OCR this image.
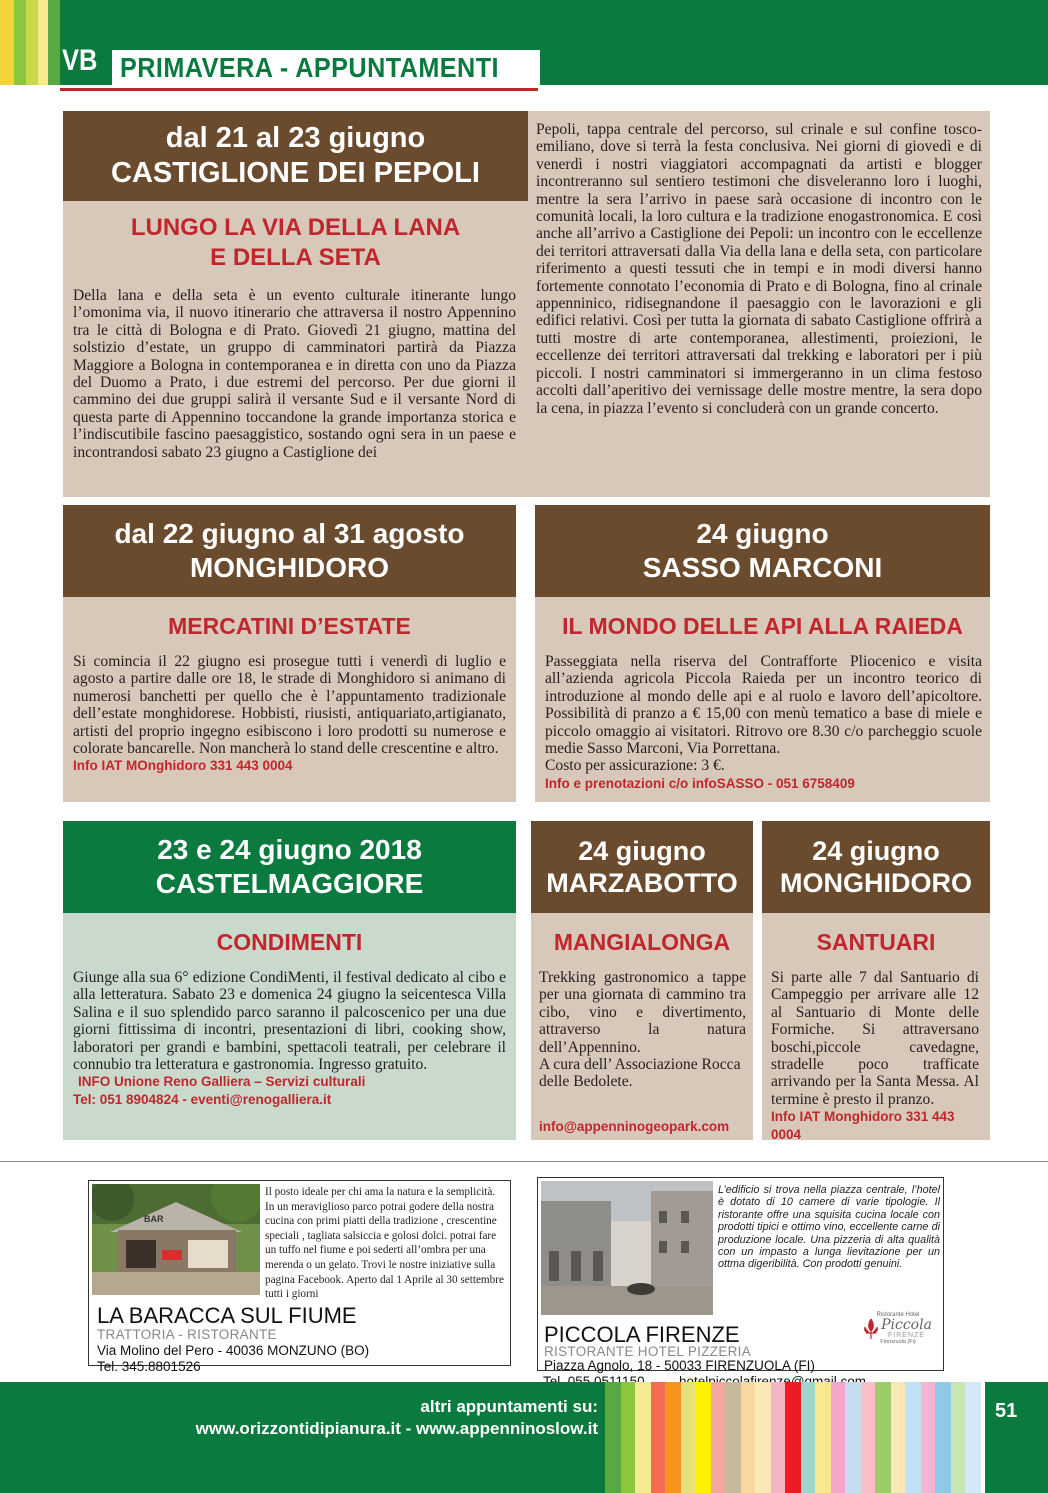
VB PRIMAVERA - APPUNTAMENTI
dal 21 al 23 giugno
CASTIGLIONE DEI PEPOLI
LUNGO LA VIA DELLA LANA
E DELLA SETA
Della lana e della seta è un evento culturale itinerante lungo l’omonima via, il nuovo itinerario che attraversa il nostro Appennino tra le città di Bologna e di Prato. Giovedì 21 giugno, mattina del solstizio d’estate, un gruppo di camminatori partirà da Piazza Maggiore a Bologna in contemporanea e in diretta con uno da Piazza del Duomo a Prato, i due estremi del percorso. Per due giorni il cammino dei due gruppi salirà il versante Sud e il versante Nord di questa parte di Appennino toccandone la grande importanza storica e l’indiscutibile fascino paesaggistico, sostando ogni sera in un paese e incontrandosi sabato 23 giugno a Castiglione dei
Pepoli, tappa centrale del percorso, sul crinale e sul confine tosco-emiliano, dove si terrà la festa conclusiva. Nei giorni di giovedì e di venerdì i nostri viaggiatori accompagnati da artisti e blogger incontreranno sul sentiero testimoni che disveleranno loro i luoghi, mentre la sera l’arrivo in paese sarà occasione di incontro con le comunità locali, la loro cultura e la tradizione enogastronomica. E così anche all’arrivo a Castiglione dei Pepoli: un incontro con le eccellenze dei territori attraversati dalla Via della lana e della seta, con particolare riferimento a questi tessuti che in tempi e in modi diversi hanno fortemente connotato l’economia di Prato e di Bologna, fino al crinale appenninico, ridisegnandone il paesaggio con le lavorazioni e gli edifici relativi. Così per tutta la giornata di sabato Castiglione offrirà a tutti mostre di arte contemporanea, allestimenti, proiezioni, le eccellenze dei territori attraversati dal trekking e laboratori per i più piccoli. I nostri camminatori si immergeranno in un clima festoso accolti dall’aperitivo dei vernissage delle mostre mentre, la sera dopo la cena, in piazza l’evento si concluderà con un grande concerto.
dal 22 giugno al 31 agosto
MONGHIDORO
MERCATINI D’ESTATE
Si comincia il 22 giugno esi prosegue tutti i venerdì di luglio e agosto a partire dalle ore 18, le strade di Monghidoro si animano di numerosi banchetti per quello che è l’appuntamento tradizionale dell’estate monghidorese. Hobbisti, riusisti, antiquariato,artigianato, artisti del proprio ingegno esibiscono i loro prodotti su numerose e colorate bancarelle. Non mancherà lo stand delle crescentine e altro.
Info IAT MOnghidoro 331 443 0004
24 giugno
SASSO MARCONI
IL MONDO DELLE API ALLA RAIEDA
Passeggiata nella riserva del Contrafforte Pliocenico e visita all’azienda agricola Piccola Raieda per un incontro teorico di introduzione al mondo delle api e al ruolo e lavoro dell’apicoltore. Possibilità di pranzo a € 15,00 con menù tematico a base di miele e piccolo omaggio ai visitatori. Ritrovo ore 8.30 c/o parcheggio scuole medie Sasso Marconi, Via Porrettana.
Costo per assicurazione: 3 €.
Info e prenotazioni c/o infoSASSO - 051 6758409
23 e 24 giugno 2018
CASTELMAGGIORE
CONDIMENTI
Giunge alla sua 6° edizione CondiMenti, il festival dedicato al cibo e alla letteratura. Sabato 23 e domenica 24 giugno la seicentesca Villa Salina e il suo splendido parco saranno il palcoscenico per una due giorni fittissima di incontri, presentazioni di libri, cooking show, laboratori per grandi e bambini, spettacoli teatrali, per celebrare il connubio tra letteratura e gastronomia. Ingresso gratuito.
INFO Unione Reno Galliera – Servizi culturali
Tel: 051 8904824 - eventi@renogalliera.it
24 giugno
MARZABOTTO
MANGIALONGA
Trekking gastronomico a tappe per una giornata di cammino tra cibo, vino e divertimento, attraverso la natura dell’Appennino.
A cura dell’ Associazione Rocca delle Bedolete.
info@appenninogeopark.com
24 giugno
MONGHIDORO
SANTUARI
Si parte alle 7 dal Santuario di Campeggio per arrivare alle 12 al Santuario di Monte delle Formiche. Si attraversano boschi,piccole cavedagne, stradelle poco trafficate arrivando per la Santa Messa. Al termine è presto il pranzo.
Info IAT Monghidoro 331 443 0004
BAR
Il posto ideale per chi ama la natura e la semplicità. In un meraviglioso parco potrai godere della nostra cucina con primi piatti della tradizione , crescentine speciali , tagliata salsiccia e golosi dolci. potrai fare un tuffo nel fiume e poi sederti all’ombra per una merenda o un gelato. Trovi le nostre iniziative sulla pagina Facebook. Aperto dal 1 Aprile al 30 settembre tutti i giorni
LA BARACCA SUL FIUME
TRATTORIA - RISTORANTE
Via Molino del Pero - 40036 MONZUNO (BO)
Tel. 345.8801526
L’edificio si trova nella piazza centrale, l’hotel è dotato di 10 camere di varie tipologie. Il ristorante offre una squisita cucina locale con prodotti tipici e ottimo vino, eccellente carne di produzione locale. Una pizzeria di alta qualità con un impasto a lunga lievitazione per un ottma digeribilità. Con prodotti genuini.
Ristorante Hotel
Piccola
FIRENZE
Firenzuola (Fi)
PICCOLA FIRENZE
RISTORANTE HOTEL PIZZERIA
Piazza Agnolo, 18 - 50033 FIRENZUOLA (FI)
altri appuntamenti su:
www.orizzontidipianura.it - www.appenninoslow.it
51
